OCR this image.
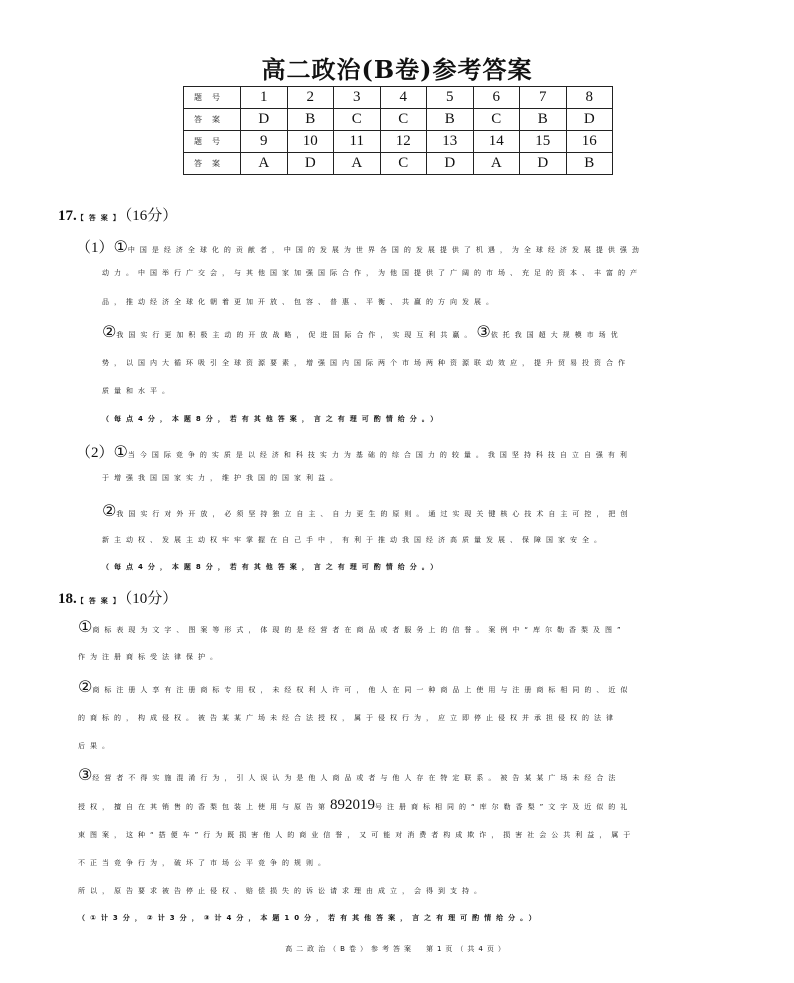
高二政治(B卷)参考答案
题号	1	2	3	4	5	6	7	8
答案	D	B	C	C	B	C	B	D
题号	9	10	11	12	13	14	15	16
答案	A	D	A	C	D	A	D	B
17.【答案】（16分）
（1）①中国是经济全球化的贡献者，中国的发展为世界各国的发展提供了机遇，为全球经济发展提供强劲
动力。中国举行广交会，与其他国家加强国际合作，为他国提供了广阔的市场、充足的资本、丰富的产
品，推动经济全球化朝着更加开放、包容、普惠、平衡、共赢的方向发展。
②我国实行更加积极主动的开放战略，促进国际合作，实现互利共赢。③依托我国超大规模市场优
势，以国内大循环吸引全球资源要素，增强国内国际两个市场两种资源联动效应，提升贸易投资合作
质量和水平。
（每点4分，本题8分，若有其他答案，言之有理可酌情给分。）
（2）①当今国际竞争的实质是以经济和科技实力为基础的综合国力的较量。我国坚持科技自立自强有利
于增强我国国家实力，维护我国的国家利益。
②我国实行对外开放，必须坚持独立自主、自力更生的原则。通过实现关键核心技术自主可控，把创
新主动权、发展主动权牢牢掌握在自己手中，有利于推动我国经济高质量发展、保障国家安全。
（每点4分，本题8分，若有其他答案，言之有理可酌情给分。）
18.【答案】（10分）
①商标表现为文字、图案等形式，体现的是经营者在商品或者服务上的信誉。案例中“库尔勒香梨及图”
作为注册商标受法律保护。
②商标注册人享有注册商标专用权，未经权利人许可，他人在同一种商品上使用与注册商标相同的、近似
的商标的，构成侵权。被告某某广场未经合法授权，属于侵权行为，应立即停止侵权并承担侵权的法律
后果。
③经营者不得实施混淆行为，引人误认为是他人商品或者与他人存在特定联系。被告某某广场未经合法
授权，擅自在其销售的香梨包装上使用与原告第892019号注册商标相同的“库尔勒香梨”文字及近似的礼
束图案，这种“搭便车”行为既损害他人的商业信誉，又可能对消费者构成欺诈，损害社会公共利益，属于
不正当竞争行为，破坏了市场公平竞争的规则。
所以，原告要求被告停止侵权、赔偿损失的诉讼请求理由成立，会得到支持。
（①计3分，②计3分，③计4分，本题10分，若有其他答案，言之有理可酌情给分。）
高二政治（B卷）参考答案　第1页（共4页）
